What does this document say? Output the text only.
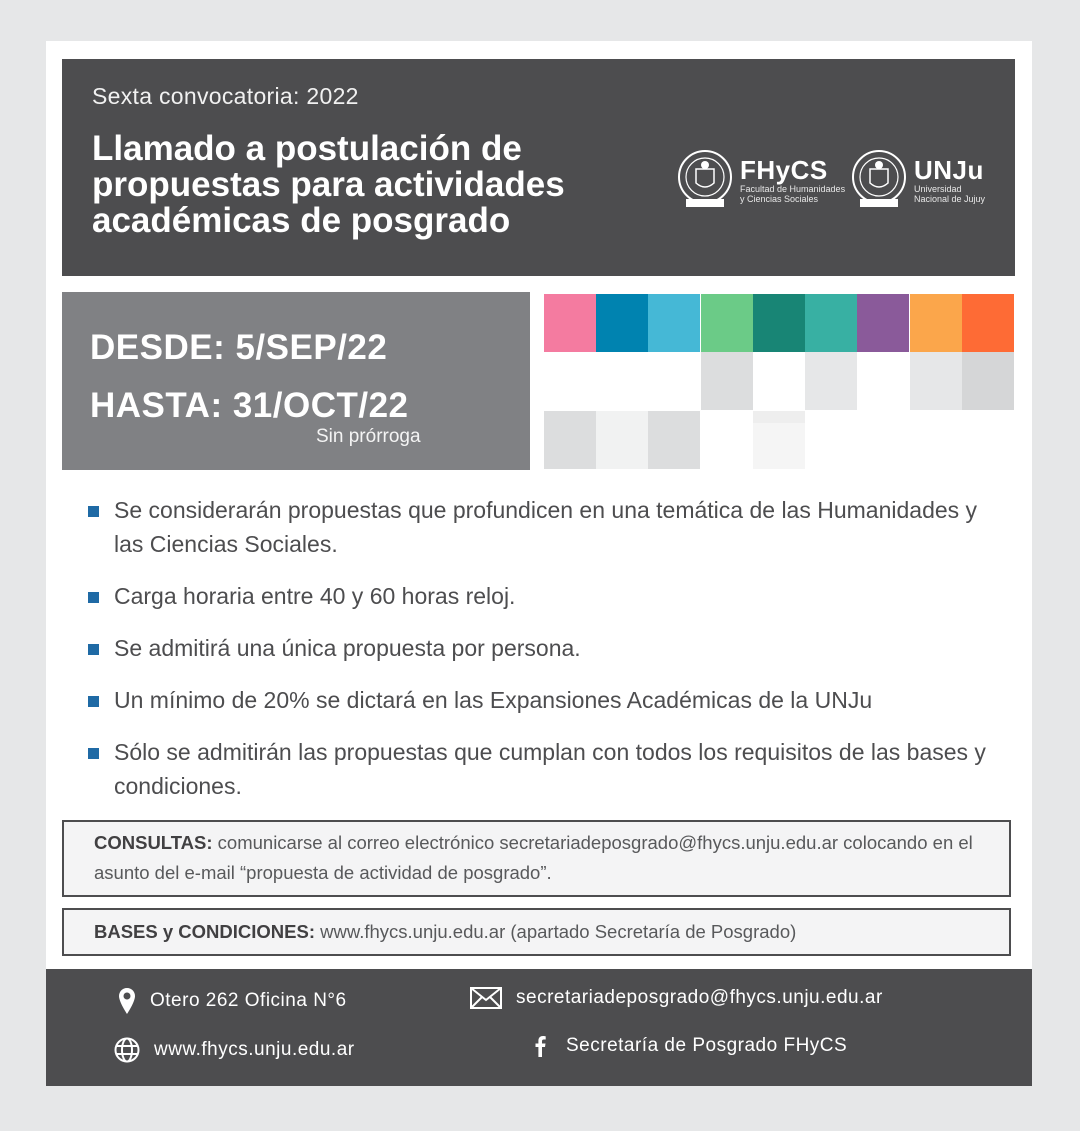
Sexta convocatoria: 2022
Llamado a postulación de propuestas para actividades académicas de posgrado
FHyCS
Facultad de Humanidades
y Ciencias Sociales
UNJu
Universidad
Nacional de Jujuy
DESDE: 5/SEP/22
HASTA: 31/OCT/22
Sin prórroga
Se considerarán propuestas que profundicen en una temática de las Humanidades y las Ciencias Sociales.
Carga horaria entre 40 y 60 horas reloj.
Se admitirá una única propuesta por persona.
Un mínimo de 20% se dictará en las Expansiones Académicas de la UNJu
Sólo se admitirán las propuestas que cumplan con todos los requisitos de las bases y condiciones.
CONSULTAS: comunicarse al correo electrónico secretariadeposgrado@fhycs.unju.edu.ar colocando en el asunto del e-mail “propuesta de actividad de posgrado”.
BASES y CONDICIONES: www.fhycs.unju.edu.ar (apartado Secretaría de Posgrado)
Otero 262 Oficina N°6	secretariadeposgrado@fhycs.unju.edu.ar
www.fhycs.unju.edu.ar	Secretaría de Posgrado FHyCS
